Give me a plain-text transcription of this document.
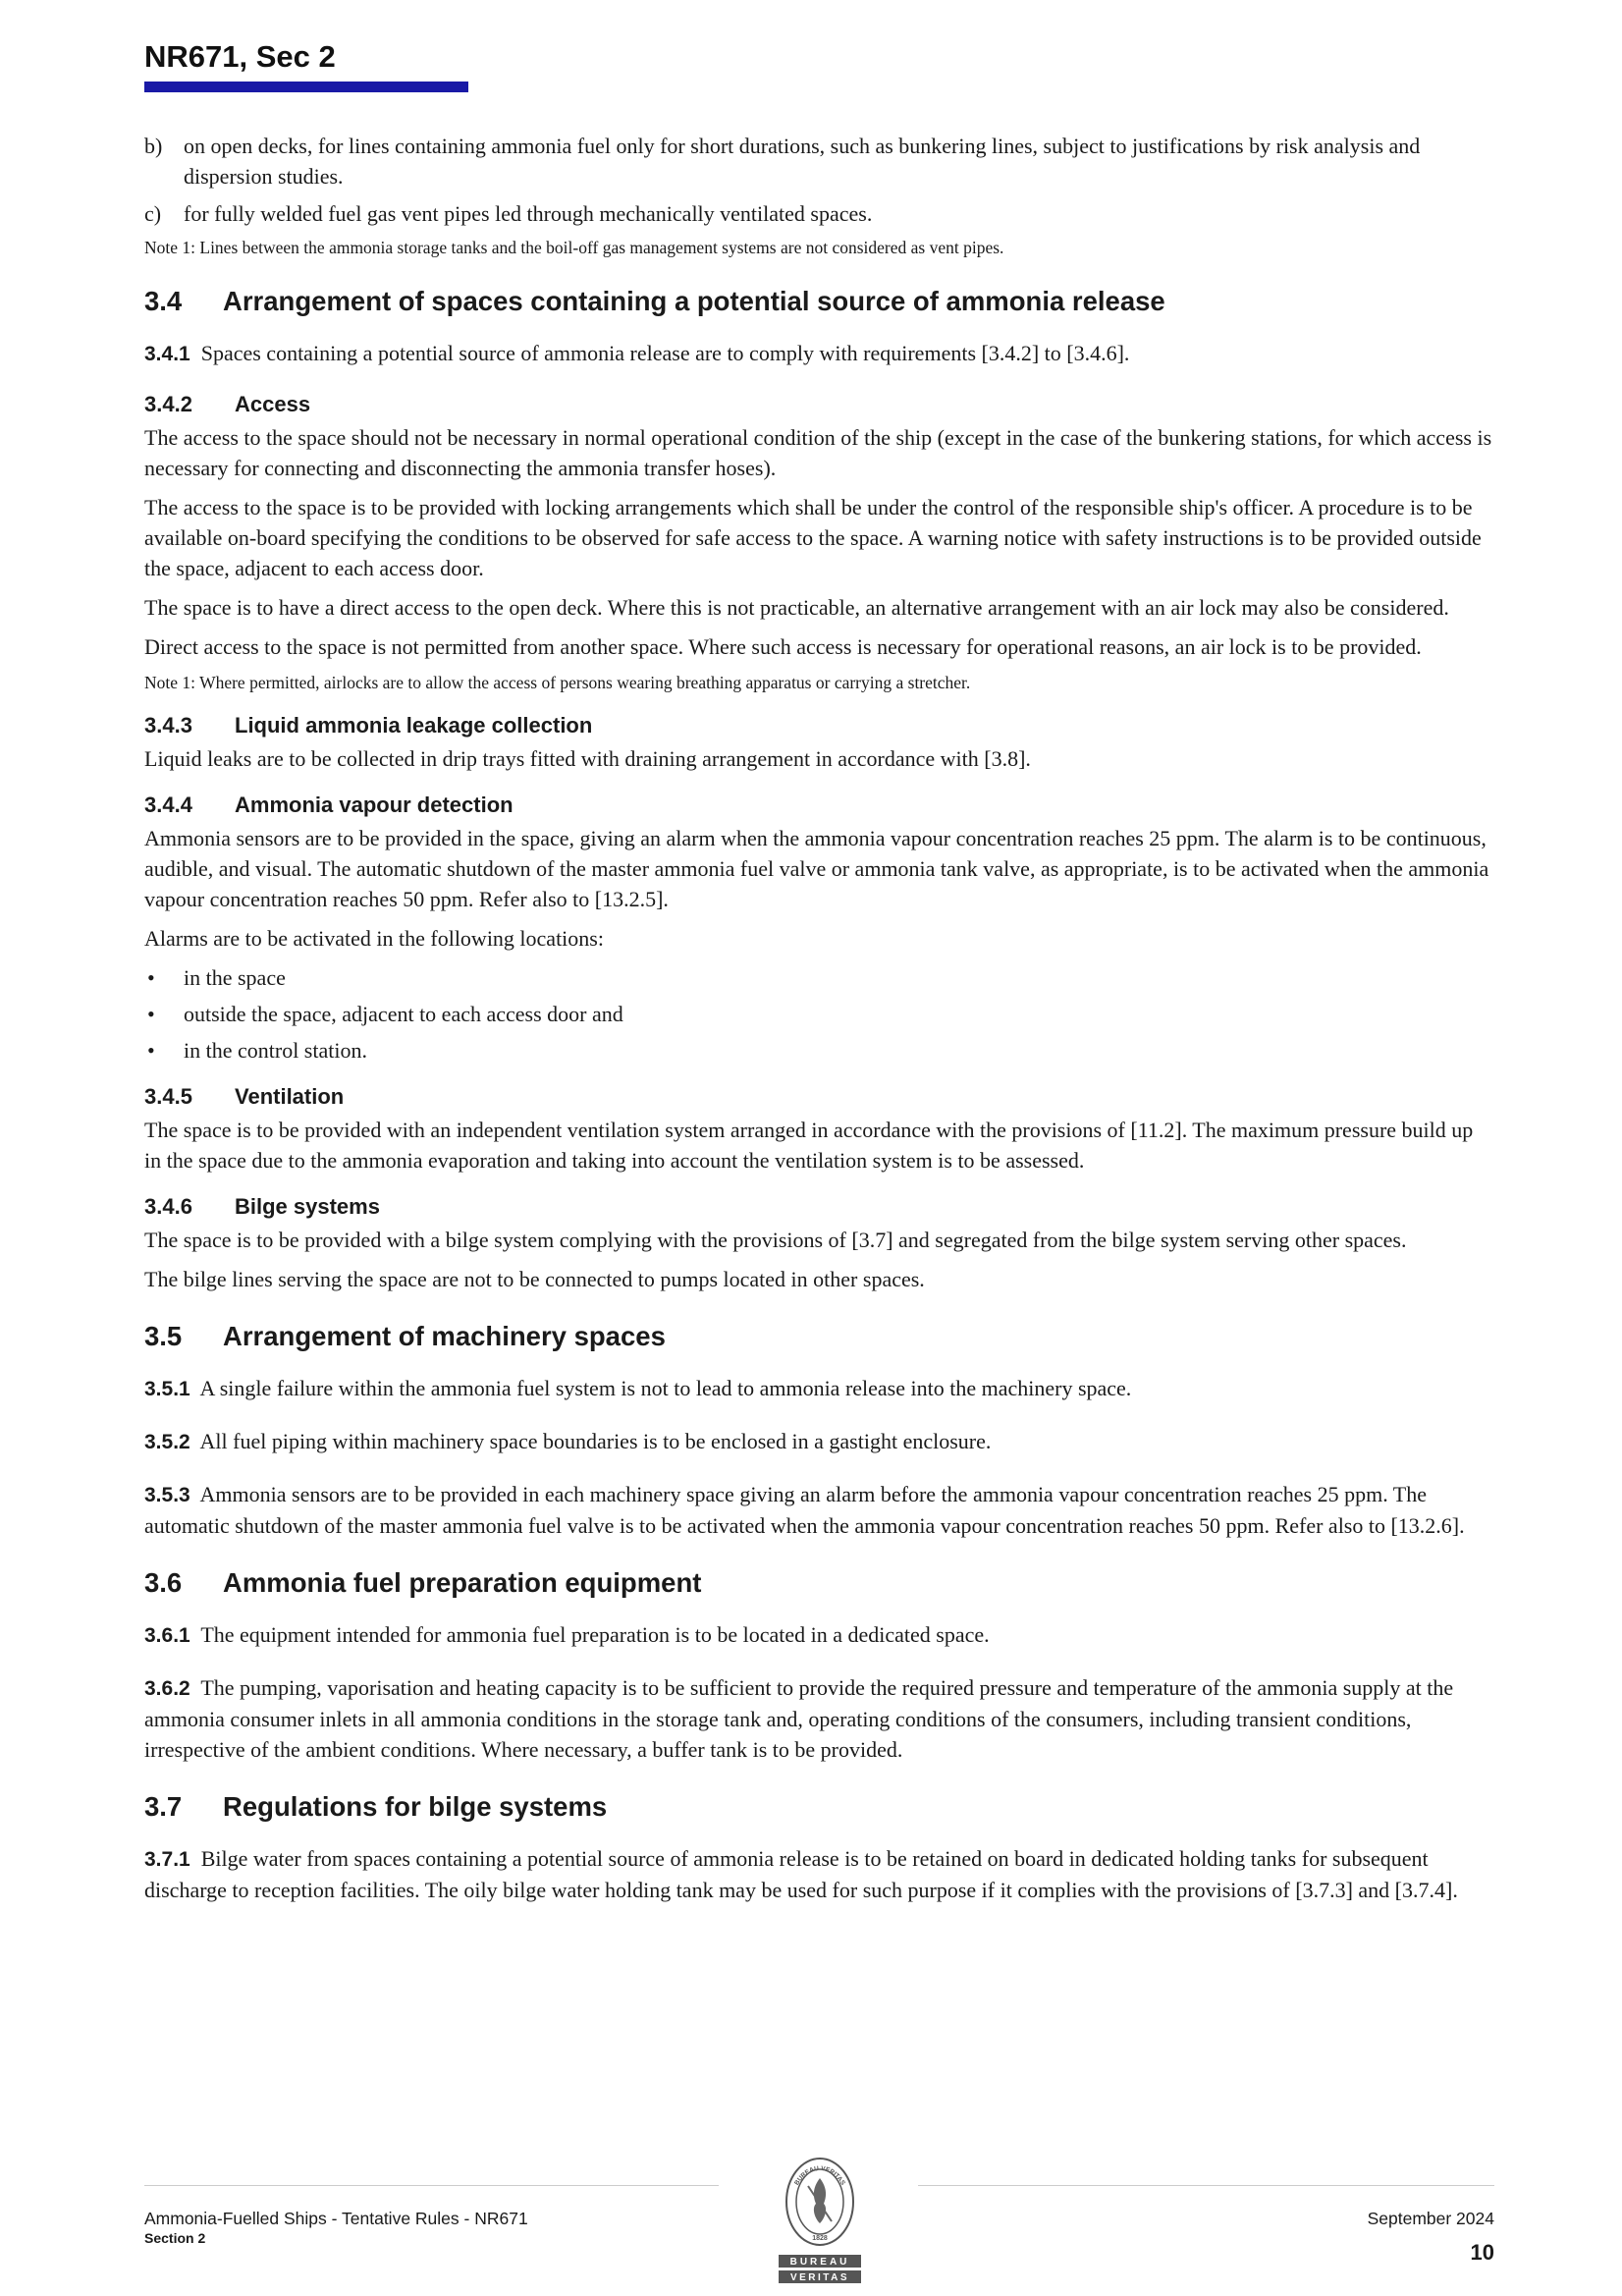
NR671, Sec 2
b) on open decks, for lines containing ammonia fuel only for short durations, such as bunkering lines, subject to justifications by risk analysis and dispersion studies.
c) for fully welded fuel gas vent pipes led through mechanically ventilated spaces.

Note 1: Lines between the ammonia storage tanks and the boil-off gas management systems are not considered as vent pipes.

3.4 Arrangement of spaces containing a potential source of ammonia release

3.4.1 Spaces containing a potential source of ammonia release are to comply with requirements [3.4.2] to [3.4.6].

3.4.2 Access

The access to the space should not be necessary in normal operational condition of the ship (except in the case of the bunkering stations, for which access is necessary for connecting and disconnecting the ammonia transfer hoses).

The access to the space is to be provided with locking arrangements which shall be under the control of the responsible ship's officer. A procedure is to be available on-board specifying the conditions to be observed for safe access to the space. A warning notice with safety instructions is to be provided outside the space, adjacent to each access door.

The space is to have a direct access to the open deck. Where this is not practicable, an alternative arrangement with an air lock may also be considered.

Direct access to the space is not permitted from another space. Where such access is necessary for operational reasons, an air lock is to be provided.

Note 1: Where permitted, airlocks are to allow the access of persons wearing breathing apparatus or carrying a stretcher.

3.4.3 Liquid ammonia leakage collection

Liquid leaks are to be collected in drip trays fitted with draining arrangement in accordance with [3.8].

3.4.4 Ammonia vapour detection

Ammonia sensors are to be provided in the space, giving an alarm when the ammonia vapour concentration reaches 25 ppm. The alarm is to be continuous, audible, and visual. The automatic shutdown of the master ammonia fuel valve or ammonia tank valve, as appropriate, is to be activated when the ammonia vapour concentration reaches 50 ppm. Refer also to [13.2.5].

Alarms are to be activated in the following locations:

• in the space
• outside the space, adjacent to each access door and
• in the control station.
3.4.5 Ventilation

The space is to be provided with an independent ventilation system arranged in accordance with the provisions of [11.2]. The maximum pressure build up in the space due to the ammonia evaporation and taking into account the ventilation system is to be assessed.

3.4.6 Bilge systems

The space is to be provided with a bilge system complying with the provisions of [3.7] and segregated from the bilge system serving other spaces.

The bilge lines serving the space are not to be connected to pumps located in other spaces.

3.5 Arrangement of machinery spaces

3.5.1 A single failure within the ammonia fuel system is not to lead to ammonia release into the machinery space.

3.5.2 All fuel piping within machinery space boundaries is to be enclosed in a gastight enclosure.

3.5.3 Ammonia sensors are to be provided in each machinery space giving an alarm before the ammonia vapour concentration reaches 25 ppm. The automatic shutdown of the master ammonia fuel valve is to be activated when the ammonia vapour concentration reaches 50 ppm. Refer also to [13.2.6].

3.6 Ammonia fuel preparation equipment

3.6.1 The equipment intended for ammonia fuel preparation is to be located in a dedicated space.

3.6.2 The pumping, vaporisation and heating capacity is to be sufficient to provide the required pressure and temperature of the ammonia supply at the ammonia consumer inlets in all ammonia conditions in the storage tank and, operating conditions of the consumers, including transient conditions, irrespective of the ambient conditions. Where necessary, a buffer tank is to be provided.

3.7 Regulations for bilge systems

3.7.1 Bilge water from spaces containing a potential source of ammonia release is to be retained on board in dedicated holding tanks for subsequent discharge to reception facilities. The oily bilge water holding tank may be used for such purpose if it complies with the provisions of [3.7.3] and [3.7.4].

Ammonia-Fuelled Ships - Tentative Rules - NR671
Section 2
September 2024
10
BUREAU VERITAS
1828
BUREAU
VERITAS
